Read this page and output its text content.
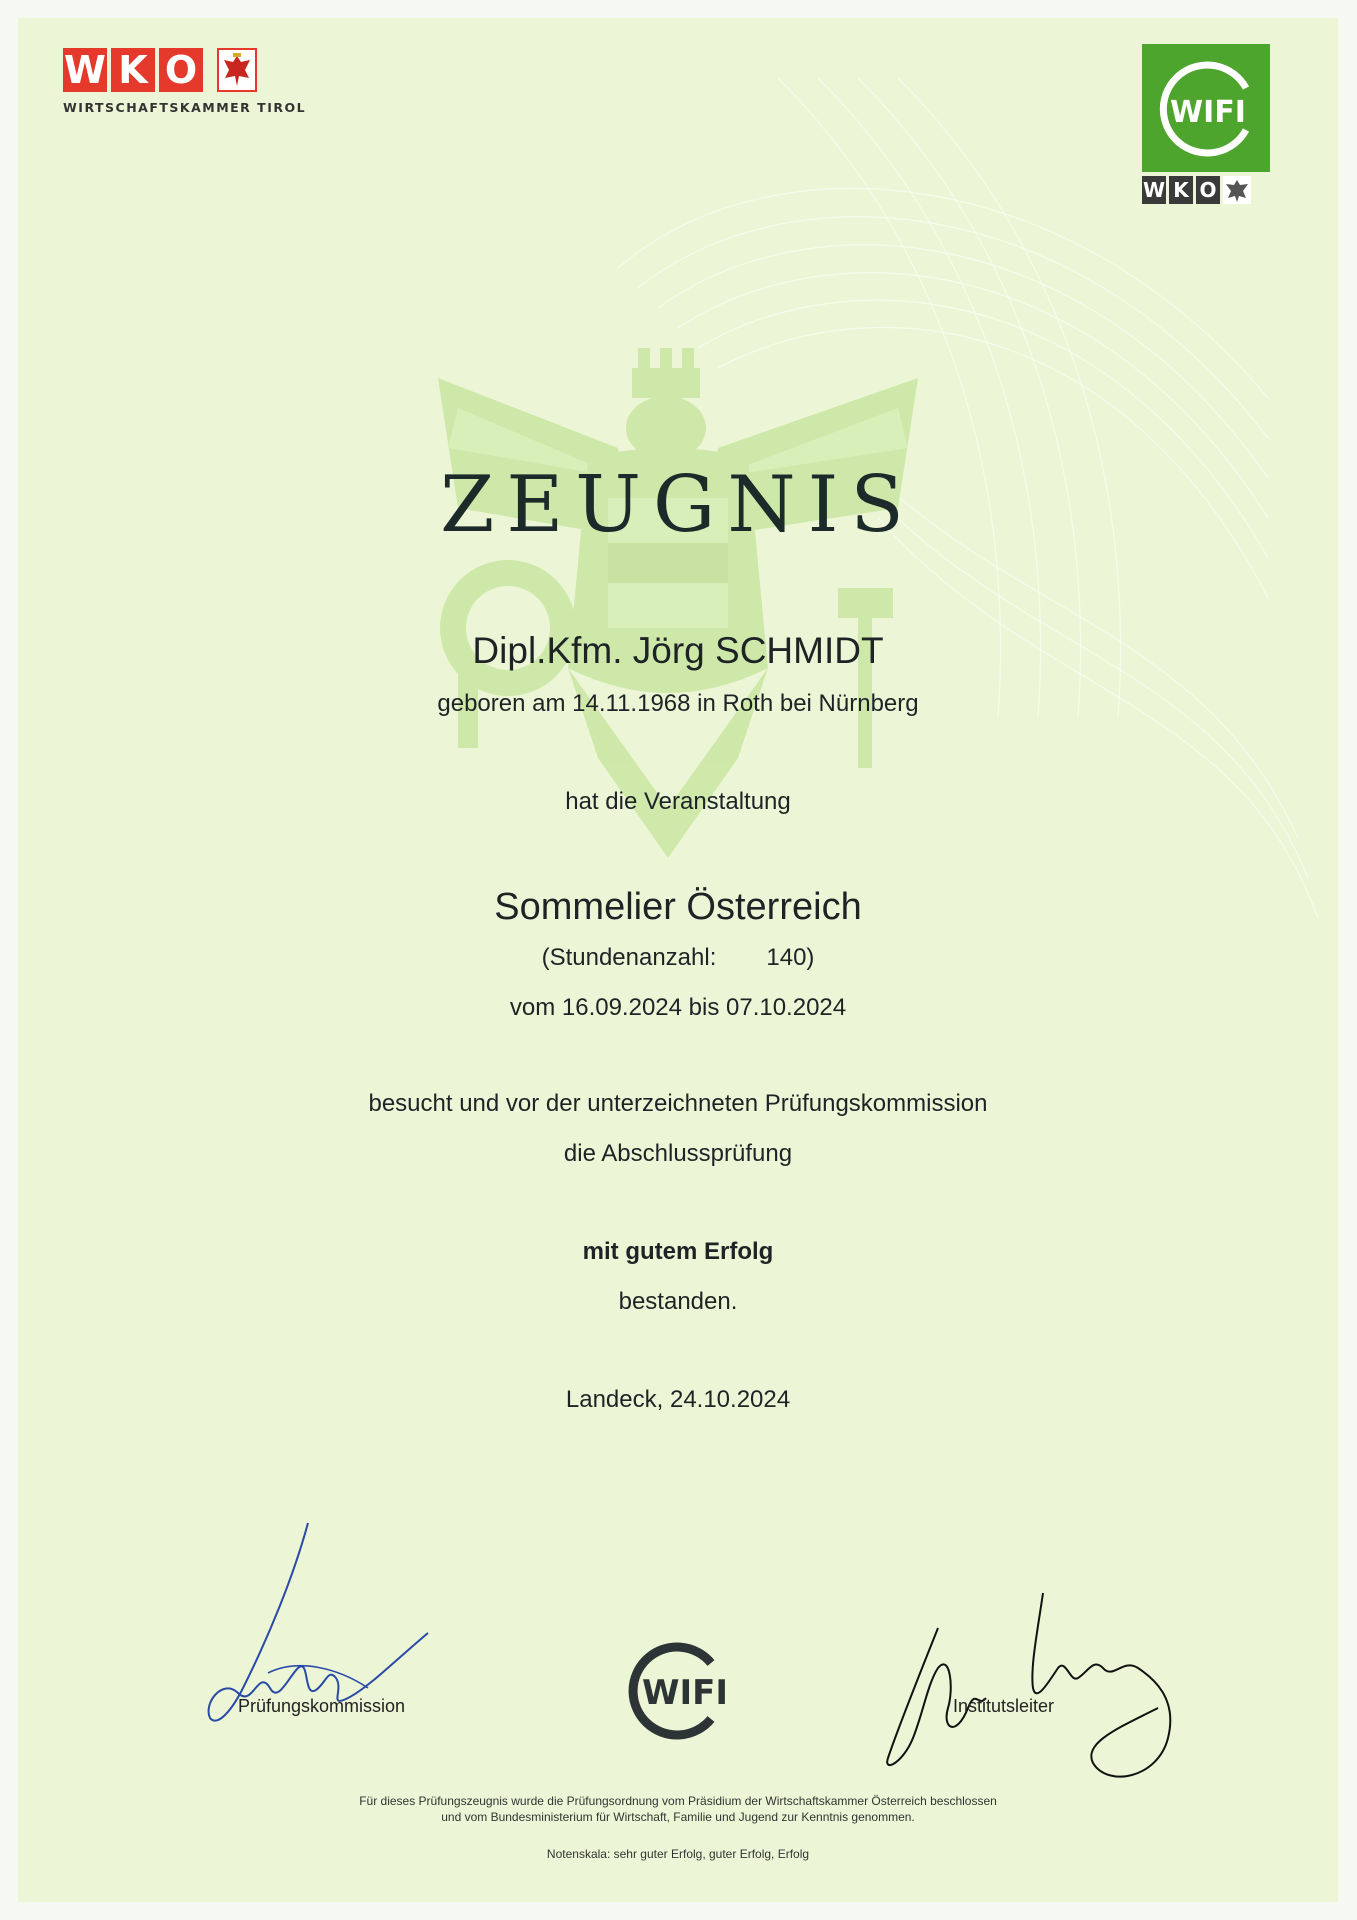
W K O
WIRTSCHAFTSKAMMER TIROL	WIFI
W K O
ZEUGNIS
Dipl.Kfm. Jörg SCHMIDT
geboren am 14.11.1968 in Roth bei Nürnberg
hat die Veranstaltung
Sommelier Österreich
(Stundenanzahl: 140)
vom 16.09.2024 bis 07.10.2024
besucht und vor der unterzeichneten Prüfungskommission
die Abschlussprüfung
mit gutem Erfolg
bestanden.
Landeck, 24.10.2024
Prüfungskommission	WIFI	Institutsleiter
Für dieses Prüfungszeugnis wurde die Prüfungsordnung vom Präsidium der Wirtschaftskammer Österreich beschlossen
und vom Bundesministerium für Wirtschaft, Familie und Jugend zur Kenntnis genommen.
Notenskala: sehr guter Erfolg, guter Erfolg, Erfolg
